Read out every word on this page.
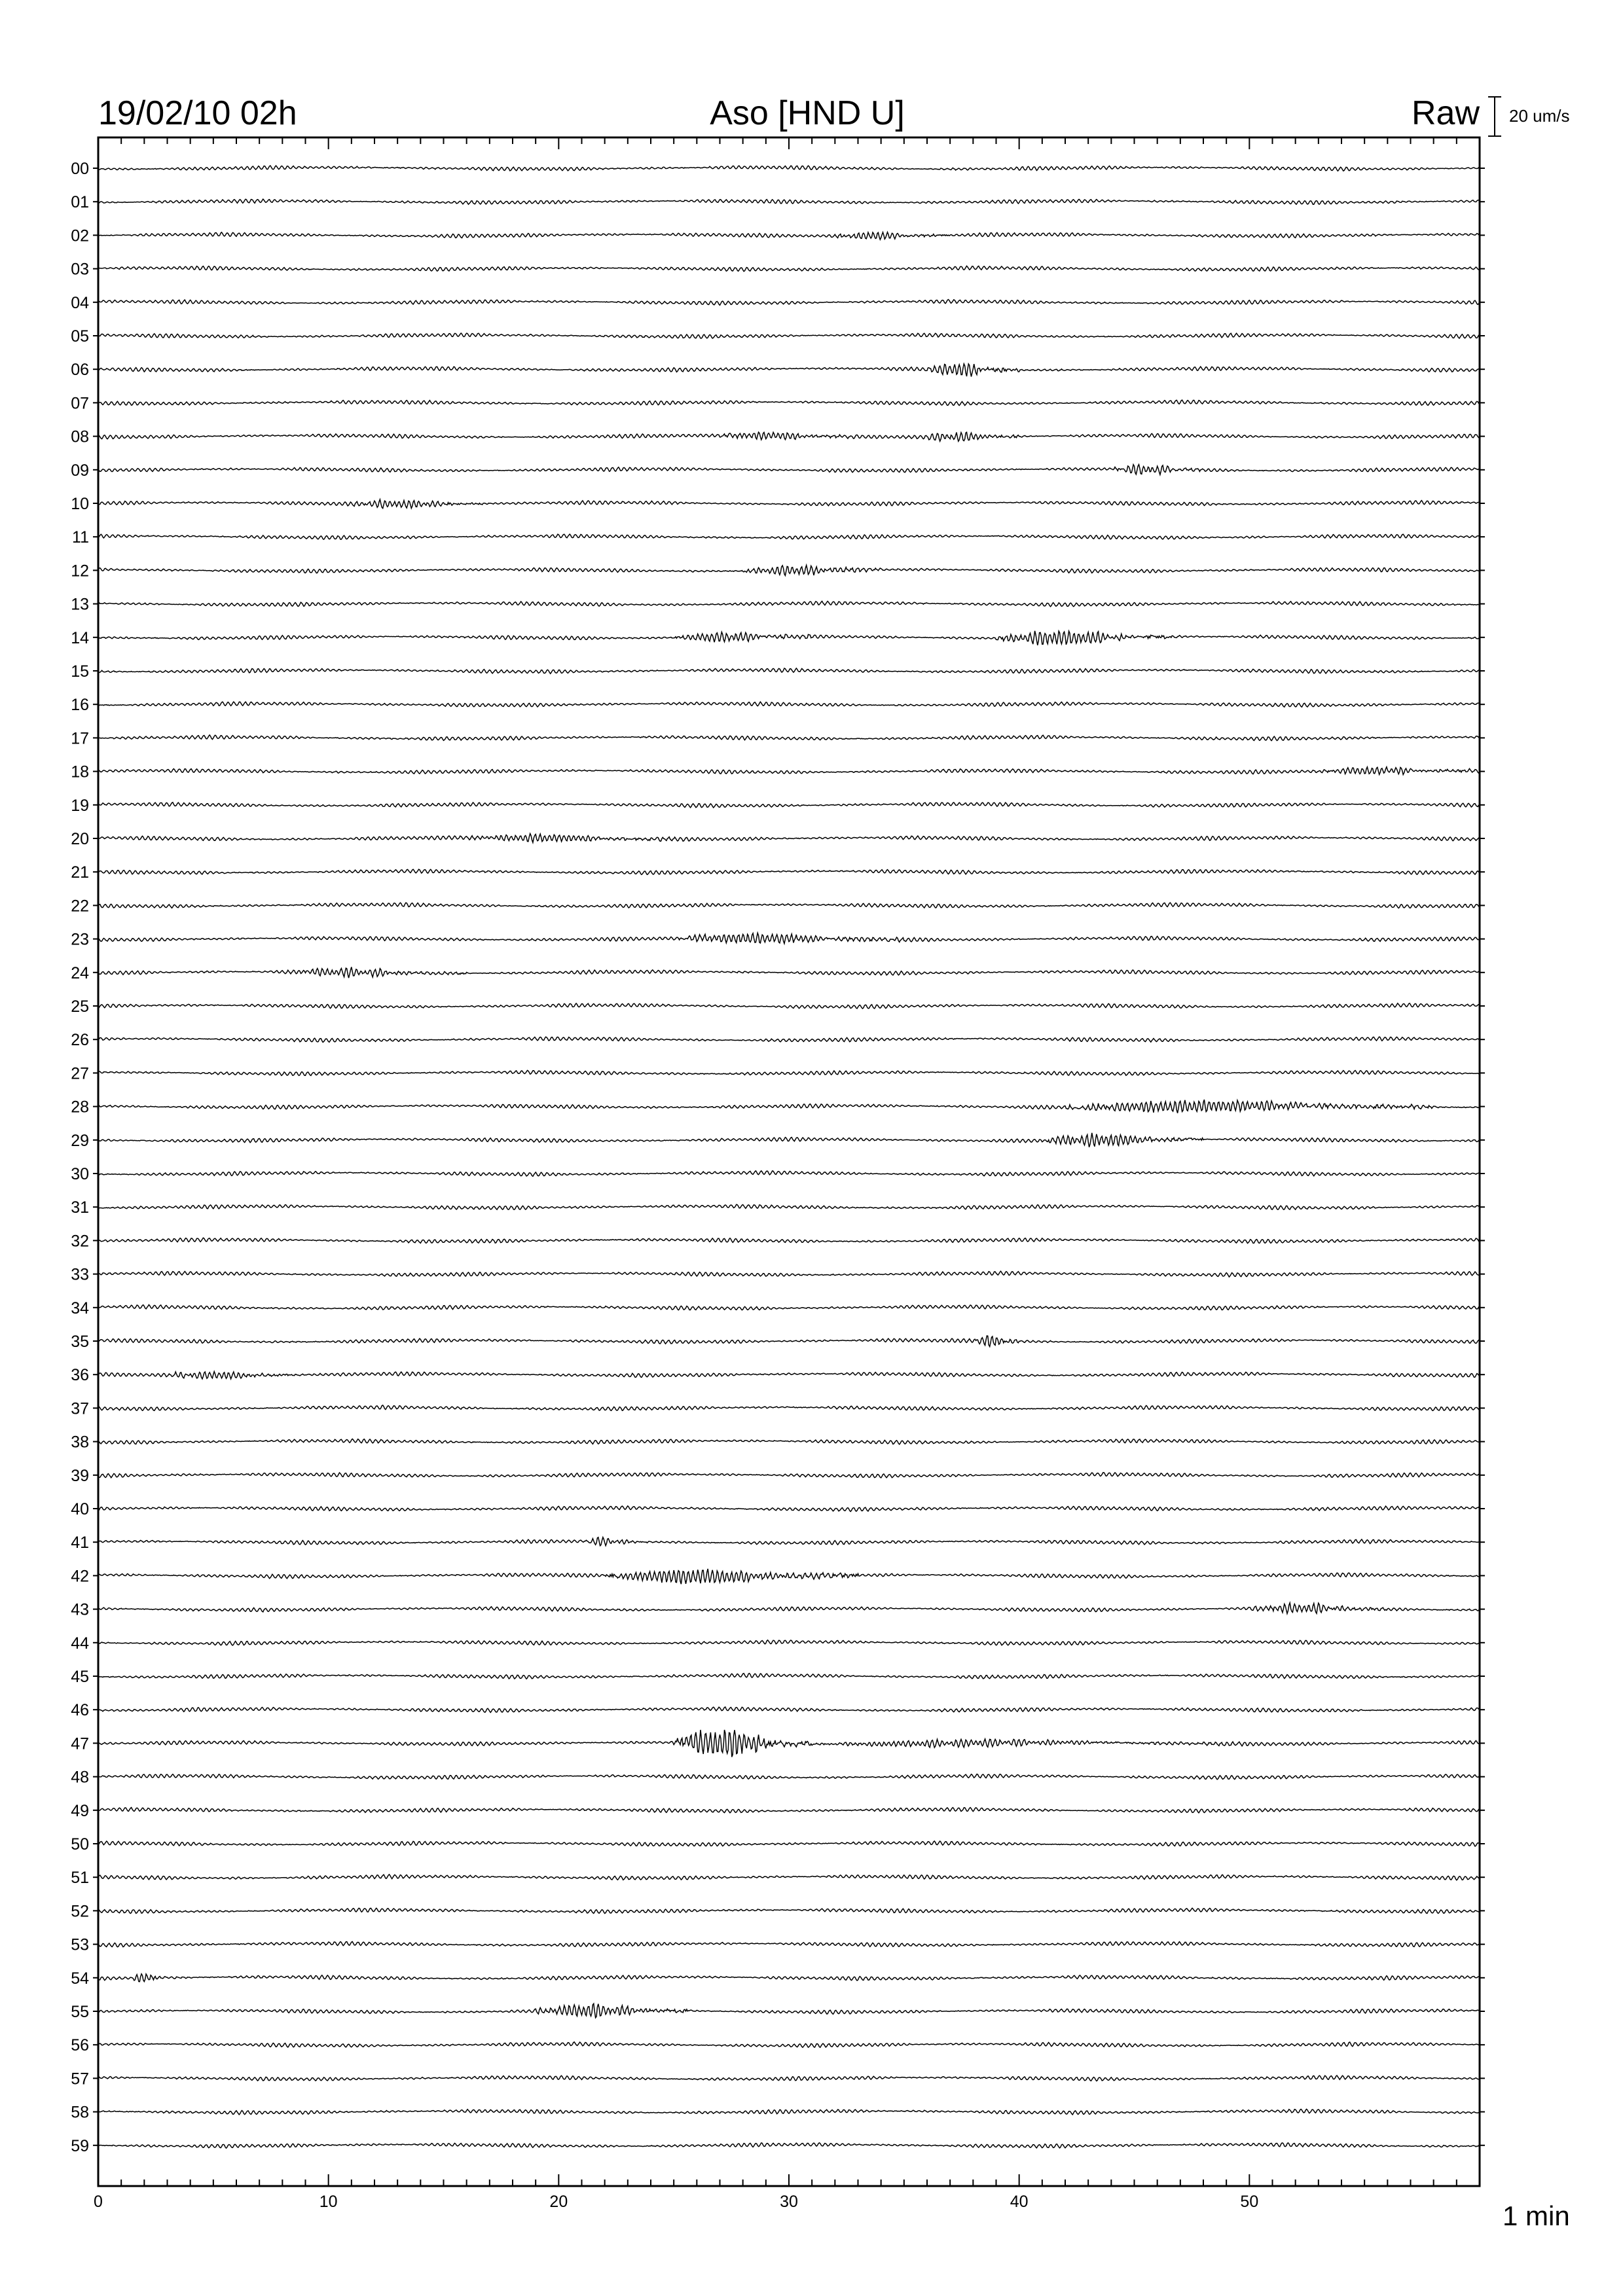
19/02/10 02h	Aso [HND U]	Raw 20 um/s
00
01
02
03
04
05
06
07
08
09
10
11
12
13
14
15
16
17
18
19
20
21
22
23
24
25
26
27
28
29
30
31
32
33
34
35
36
37
38
39
40
41
42
43
44
45
46
47
48
49
50
51
52
53
54
55
56
57
58
59
0	10	20	30	40	50	1 min
